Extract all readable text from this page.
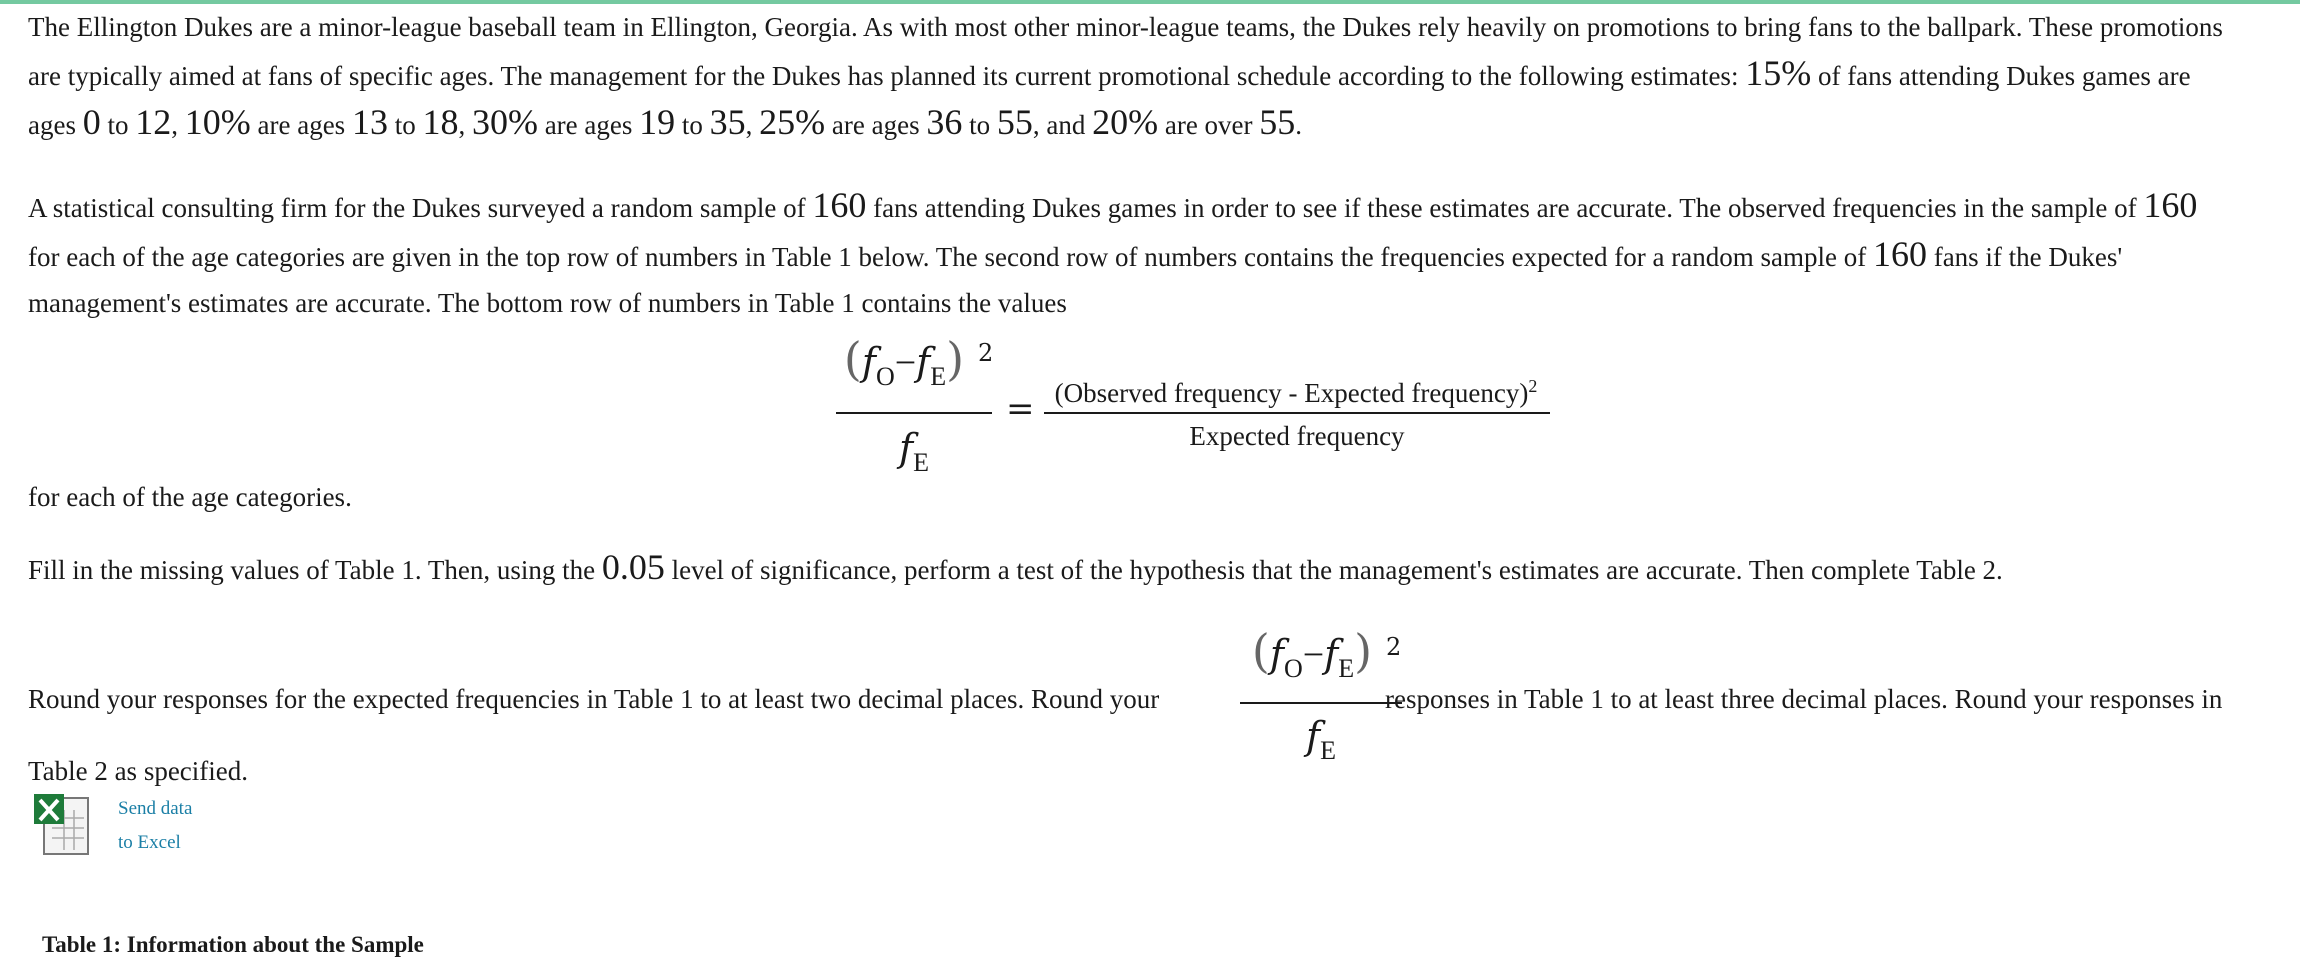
The Ellington Dukes are a minor-league baseball team in Ellington, Georgia. As with most other minor-league teams, the Dukes rely heavily on promotions to bring fans to the ballpark. These promotions
are typically aimed at fans of specific ages. The management for the Dukes has planned its current promotional schedule according to the following estimates: 15% of fans attending Dukes games are
ages 0 to 12, 10% are ages 13 to 18, 30% are ages 19 to 35, 25% are ages 36 to 55, and 20% are over 55.

A statistical consulting firm for the Dukes surveyed a random sample of 160 fans attending Dukes games in order to see if these estimates are accurate. The observed frequencies in the sample of 160
for each of the age categories are given in the top row of numbers in Table 1 below. The second row of numbers contains the frequencies expected for a random sample of 160 fans if the Dukes'
management's estimates are accurate. The bottom row of numbers in Table 1 contains the values

$(f_O-f_E)$ 2
$f_E$
= (Observed frequency - Expected frequency)$^2$
Expected frequency

for each of the age categories.

Fill in the missing values of Table 1. Then, using the 0.05 level of significance, perform a test of the hypothesis that the management's estimates are accurate. Then complete Table 2.

Round your responses for the expected frequencies in Table 1 to at least two decimal places. Round your
$(f_O-f_E)$ 2
$f_E$
responses in Table 1 to at least three decimal places. Round your responses in
Table 2 as specified.
Send data
to Excel
Table 1: Information about the Sample
